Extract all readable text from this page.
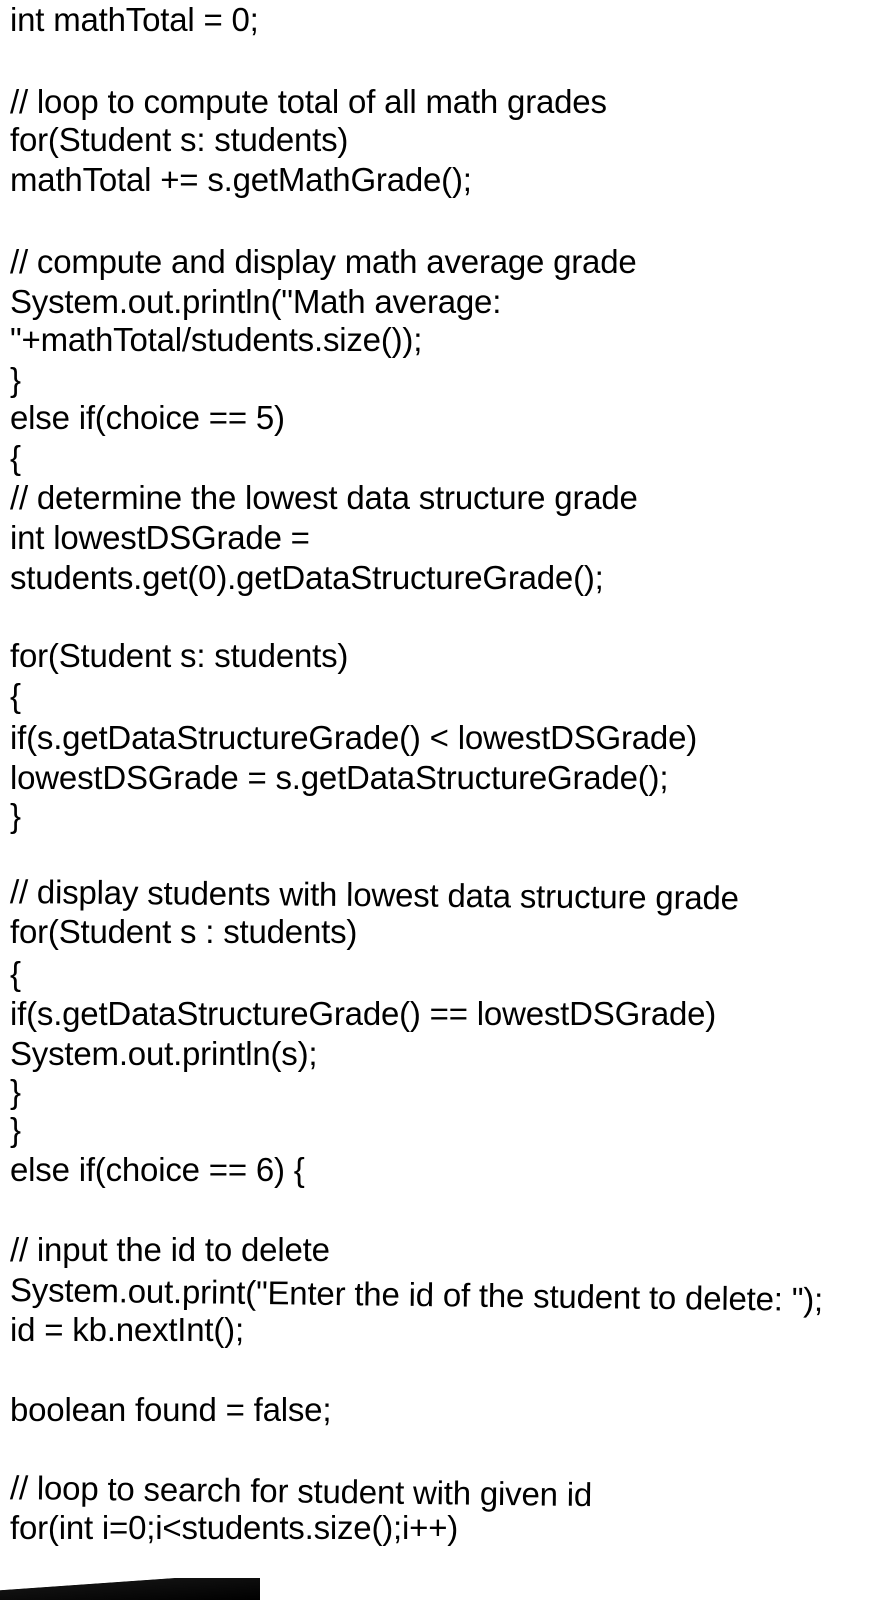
int mathTotal = 0;

// loop to compute total of all math grades

for(Student s: students)

mathTotal += s.getMathGrade();

// compute and display math average grade

System.out.println("Math average:

"+mathTotal/students.size());

}

else if(choice == 5)

{

// determine the lowest data structure grade

int lowestDSGrade =

students.get(0).getDataStructureGrade();

for(Student s: students)

{

if(s.getDataStructureGrade() < lowestDSGrade)

lowestDSGrade = s.getDataStructureGrade();

}

// display students with lowest data structure grade

for(Student s : students)

{

if(s.getDataStructureGrade() == lowestDSGrade)

System.out.println(s);

}

}

else if(choice == 6) {

// input the id to delete

System.out.print("Enter the id of the student to delete: ");

id = kb.nextInt();

boolean found = false;

// loop to search for student with given id

for(int i=0;i<students.size();i++)
